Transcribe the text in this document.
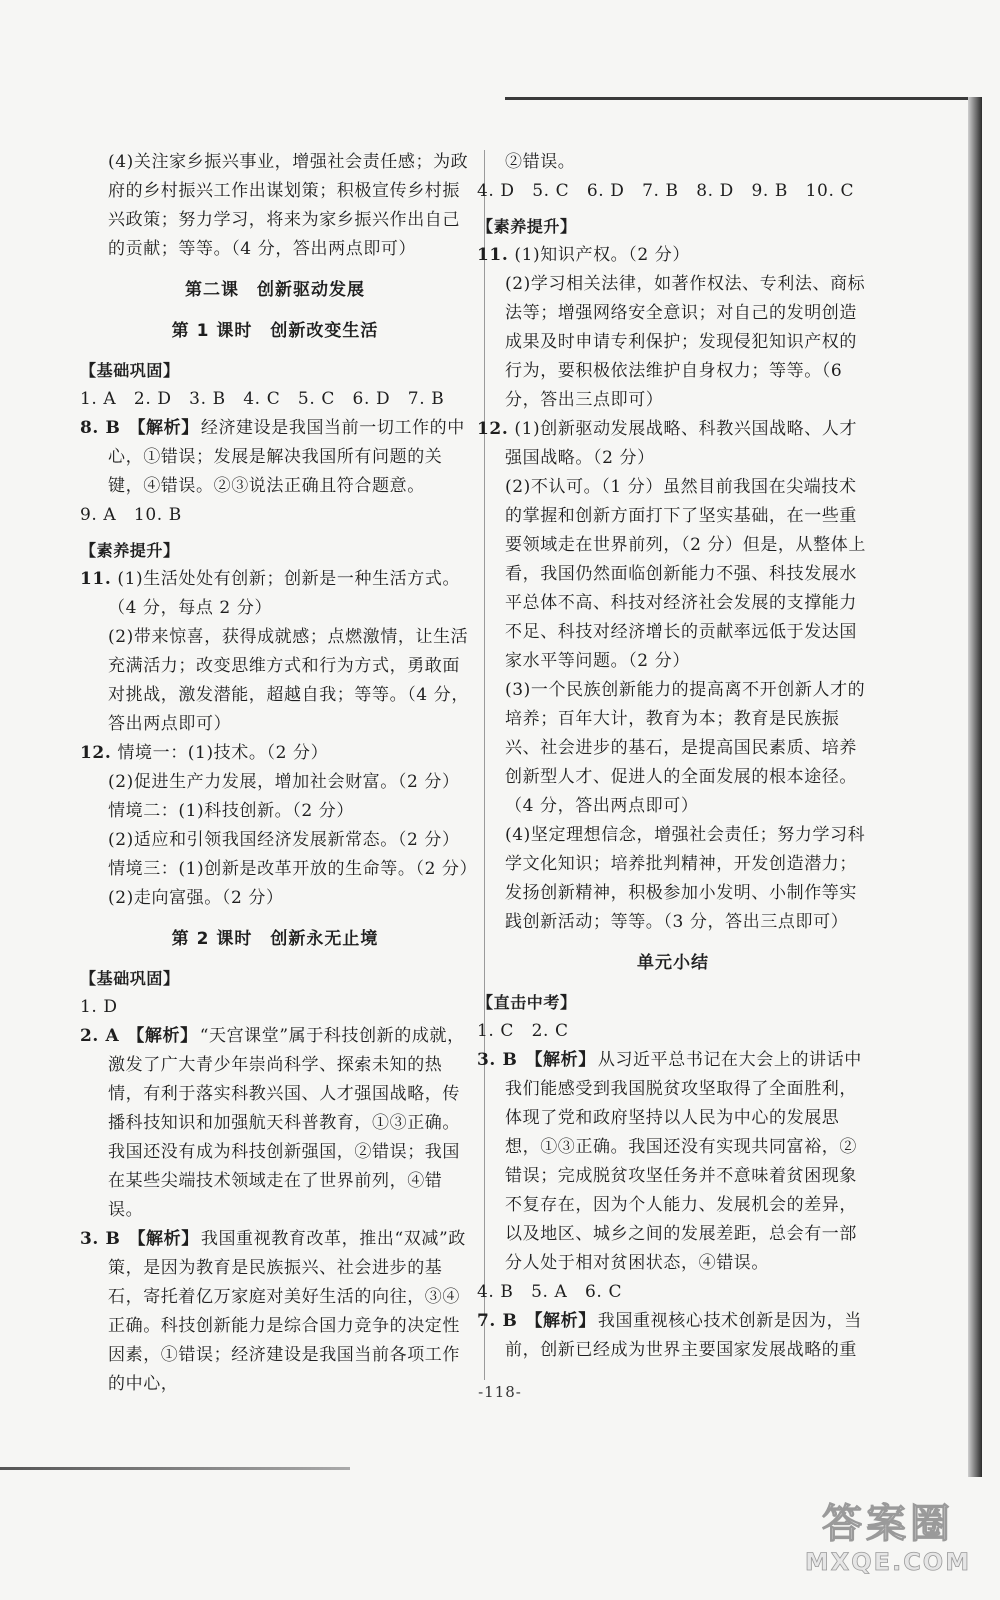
(4)关注家乡振兴事业，增强社会责任感；为政府的乡村振兴工作出谋划策；积极宣传乡村振兴政策；努力学习，将来为家乡振兴作出自己的贡献；等等。（4 分，答出两点即可）

第二课　创新驱动发展
第 1 课时　创新改变生活
【基础巩固】

1. A　2. D　3. B　4. C　5. C　6. D　7. B

8. B 【解析】 经济建设是我国当前一切工作的中心，①错误；发展是解决我国所有问题的关键，④错误。②③说法正确且符合题意。

9. A　10. B

【素养提升】

11. (1)生活处处有创新；创新是一种生活方式。（4 分，每点 2 分）

(2)带来惊喜，获得成就感；点燃激情，让生活充满活力；改变思维方式和行为方式，勇敢面对挑战，激发潜能，超越自我；等等。（4 分，答出两点即可）

12. 情境一：(1)技术。（2 分）

(2)促进生产力发展，增加社会财富。（2 分）

情境二：(1)科技创新。（2 分）

(2)适应和引领我国经济发展新常态。（2 分）

情境三：(1)创新是改革开放的生命等。（2 分）

(2)走向富强。（2 分）

第 2 课时　创新永无止境
【基础巩固】

1. D

2. A 【解析】 “天宫课堂”属于科技创新的成就，激发了广大青少年崇尚科学、探索未知的热情，有利于落实科教兴国、人才强国战略，传播科技知识和加强航天科普教育，①③正确。我国还没有成为科技创新强国，②错误；我国在某些尖端技术领域走在了世界前列，④错误。

3. B 【解析】 我国重视教育改革，推出“双减”政策，是因为教育是民族振兴、社会进步的基石，寄托着亿万家庭对美好生活的向往，③④正确。科技创新能力是综合国力竞争的决定性因素，①错误；经济建设是我国当前各项工作的中心，

②错误。

4. D　5. C　6. D　7. B　8. D　9. B　10. C

【素养提升】

11. (1)知识产权。（2 分）

(2)学习相关法律，如著作权法、专利法、商标法等；增强网络安全意识；对自己的发明创造成果及时申请专利保护；发现侵犯知识产权的行为，要积极依法维护自身权力；等等。（6 分，答出三点即可）

12. (1)创新驱动发展战略、科教兴国战略、人才强国战略。（2 分）

(2)不认可。（1 分）虽然目前我国在尖端技术的掌握和创新方面打下了坚实基础，在一些重要领域走在世界前列，（2 分）但是，从整体上看，我国仍然面临创新能力不强、科技发展水平总体不高、科技对经济社会发展的支撑能力不足、科技对经济增长的贡献率远低于发达国家水平等问题。（2 分）

(3)一个民族创新能力的提高离不开创新人才的培养；百年大计，教育为本；教育是民族振兴、社会进步的基石，是提高国民素质、培养创新型人才、促进人的全面发展的根本途径。（4 分，答出两点即可）

(4)坚定理想信念，增强社会责任；努力学习科学文化知识；培养批判精神，开发创造潜力；发扬创新精神，积极参加小发明、小制作等实践创新活动；等等。（3 分，答出三点即可）

单元小结
【直击中考】

1. C　2. C

3. B 【解析】 从习近平总书记在大会上的讲话中我们能感受到我国脱贫攻坚取得了全面胜利，体现了党和政府坚持以人民为中心的发展思想，①③正确。我国还没有实现共同富裕，②错误；完成脱贫攻坚任务并不意味着贫困现象不复存在，因为个人能力、发展机会的差异，以及地区、城乡之间的发展差距，总会有一部分人处于相对贫困状态，④错误。

4. B　5. A　6. C

7. B 【解析】 我国重视核心技术创新是因为，当前，创新已经成为世界主要国家发展战略的重

-118-
答案圈
MXQE.COM
